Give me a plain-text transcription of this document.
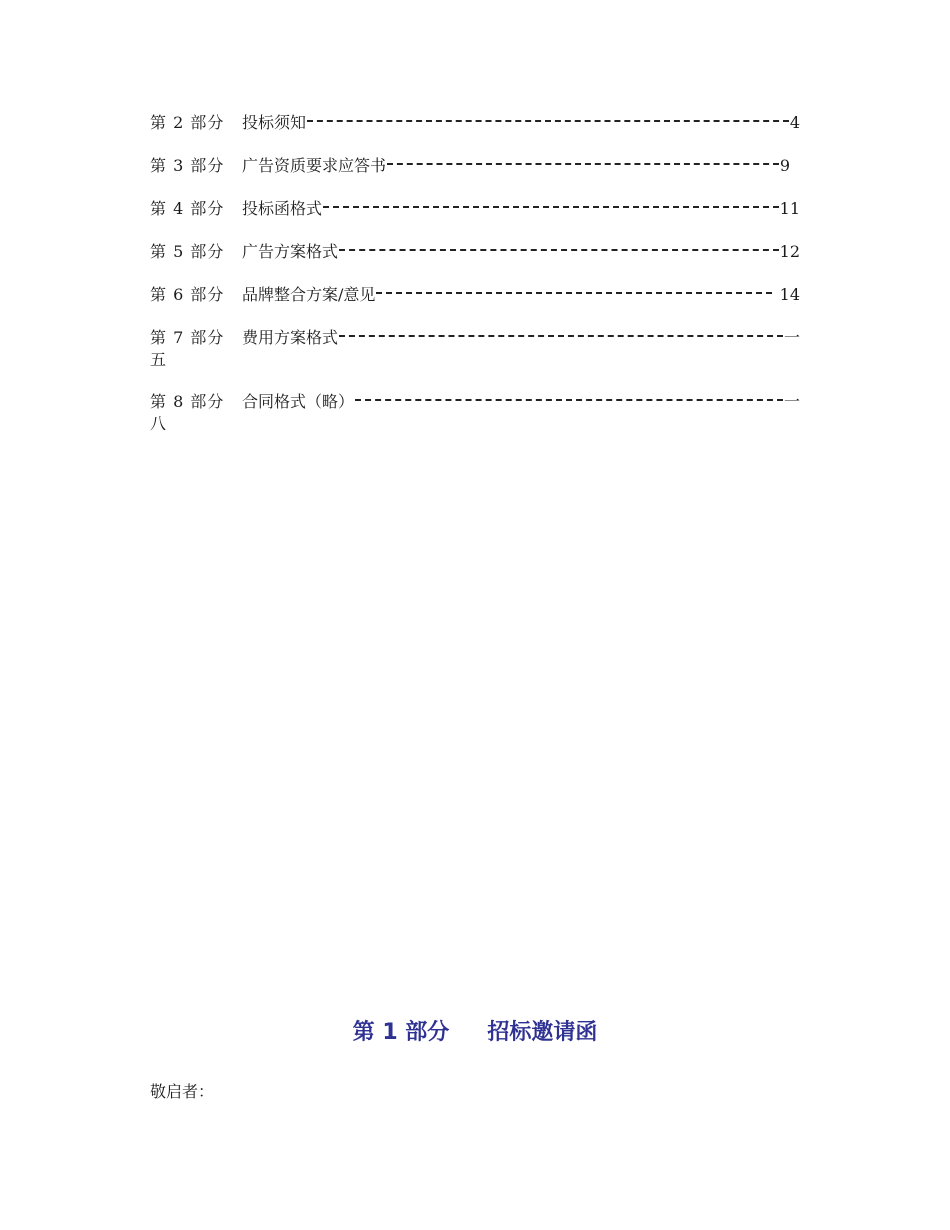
第 2 部分	投标须知	4
第 3 部分	广告资质要求应答书	9
第 4 部分	投标函格式	11
第 5 部分	广告方案格式	12
第 6 部分	品牌整合方案/意见	14
第 7 部分	费用方案格式	一
五
第 8 部分	合同格式（略）	一
八
第 1 部分 招标邀请函
敬启者：
